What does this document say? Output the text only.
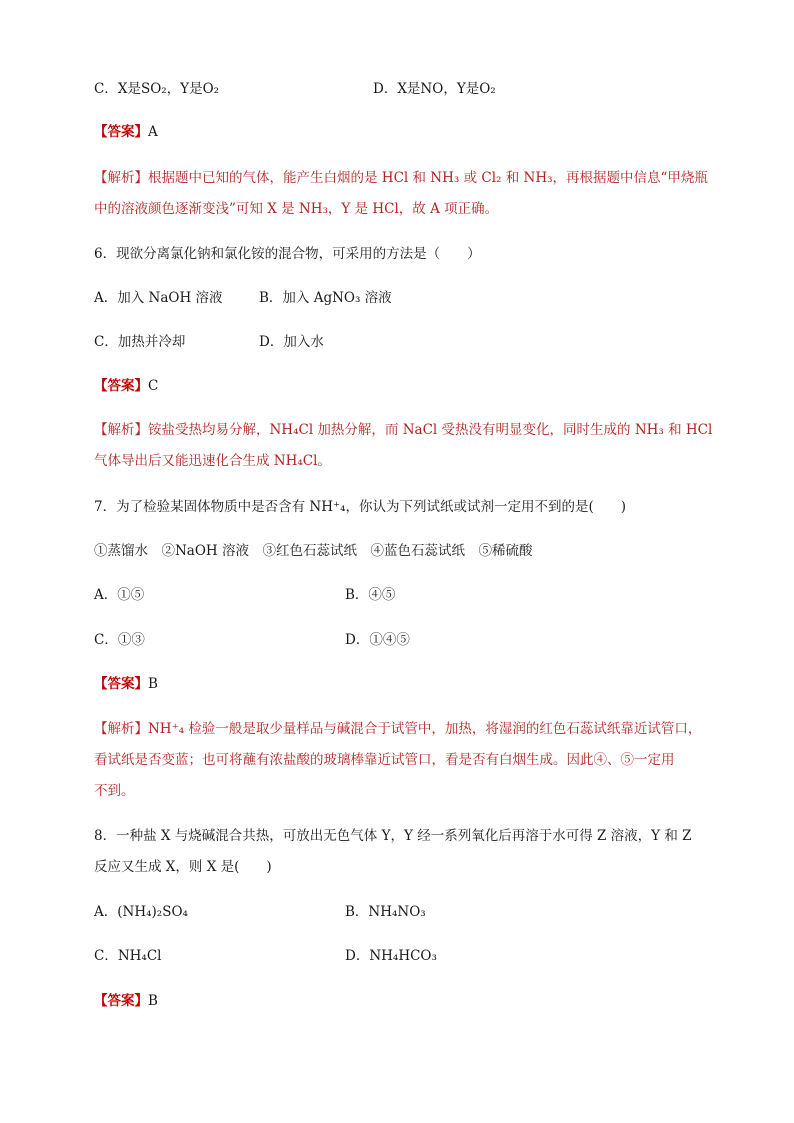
C．X是SO₂，Y是O₂	D．X是NO，Y是O₂
【答案】A
【解析】根据题中已知的气体，能产生白烟的是 HCl 和 NH₃ 或 Cl₂ 和 NH₃，再根据题中信息“甲烧瓶
中的溶液颜色逐渐变浅”可知 X 是 NH₃，Y 是 HCl，故 A 项正确。
6．现欲分离氯化钠和氯化铵的混合物，可采用的方法是（　　）
A．加入 NaOH 溶液	B．加入 AgNO₃ 溶液
C．加热并冷却	D．加入水
【答案】C
【解析】铵盐受热均易分解，NH₄Cl 加热分解，而 NaCl 受热没有明显变化，同时生成的 NH₃ 和 HCl
气体导出后又能迅速化合生成 NH₄Cl。
7．为了检验某固体物质中是否含有 NH⁺₄，你认为下列试纸或试剂一定用不到的是(　　)
①蒸馏水　②NaOH 溶液　③红色石蕊试纸　④蓝色石蕊试纸　⑤稀硫酸
A．①⑤	B．④⑤
C．①③	D．①④⑤
【答案】B
【解析】NH⁺₄ 检验一般是取少量样品与碱混合于试管中，加热，将湿润的红色石蕊试纸靠近试管口，
看试纸是否变蓝；也可将蘸有浓盐酸的玻璃棒靠近试管口，看是否有白烟生成。因此④、⑤一定用
不到。
8．一种盐 X 与烧碱混合共热，可放出无色气体 Y，Y 经一系列氧化后再溶于水可得 Z 溶液，Y 和 Z
反应又生成 X，则 X 是(　　)
A．(NH₄)₂SO₄	B．NH₄NO₃
C．NH₄Cl	D．NH₄HCO₃
【答案】B
